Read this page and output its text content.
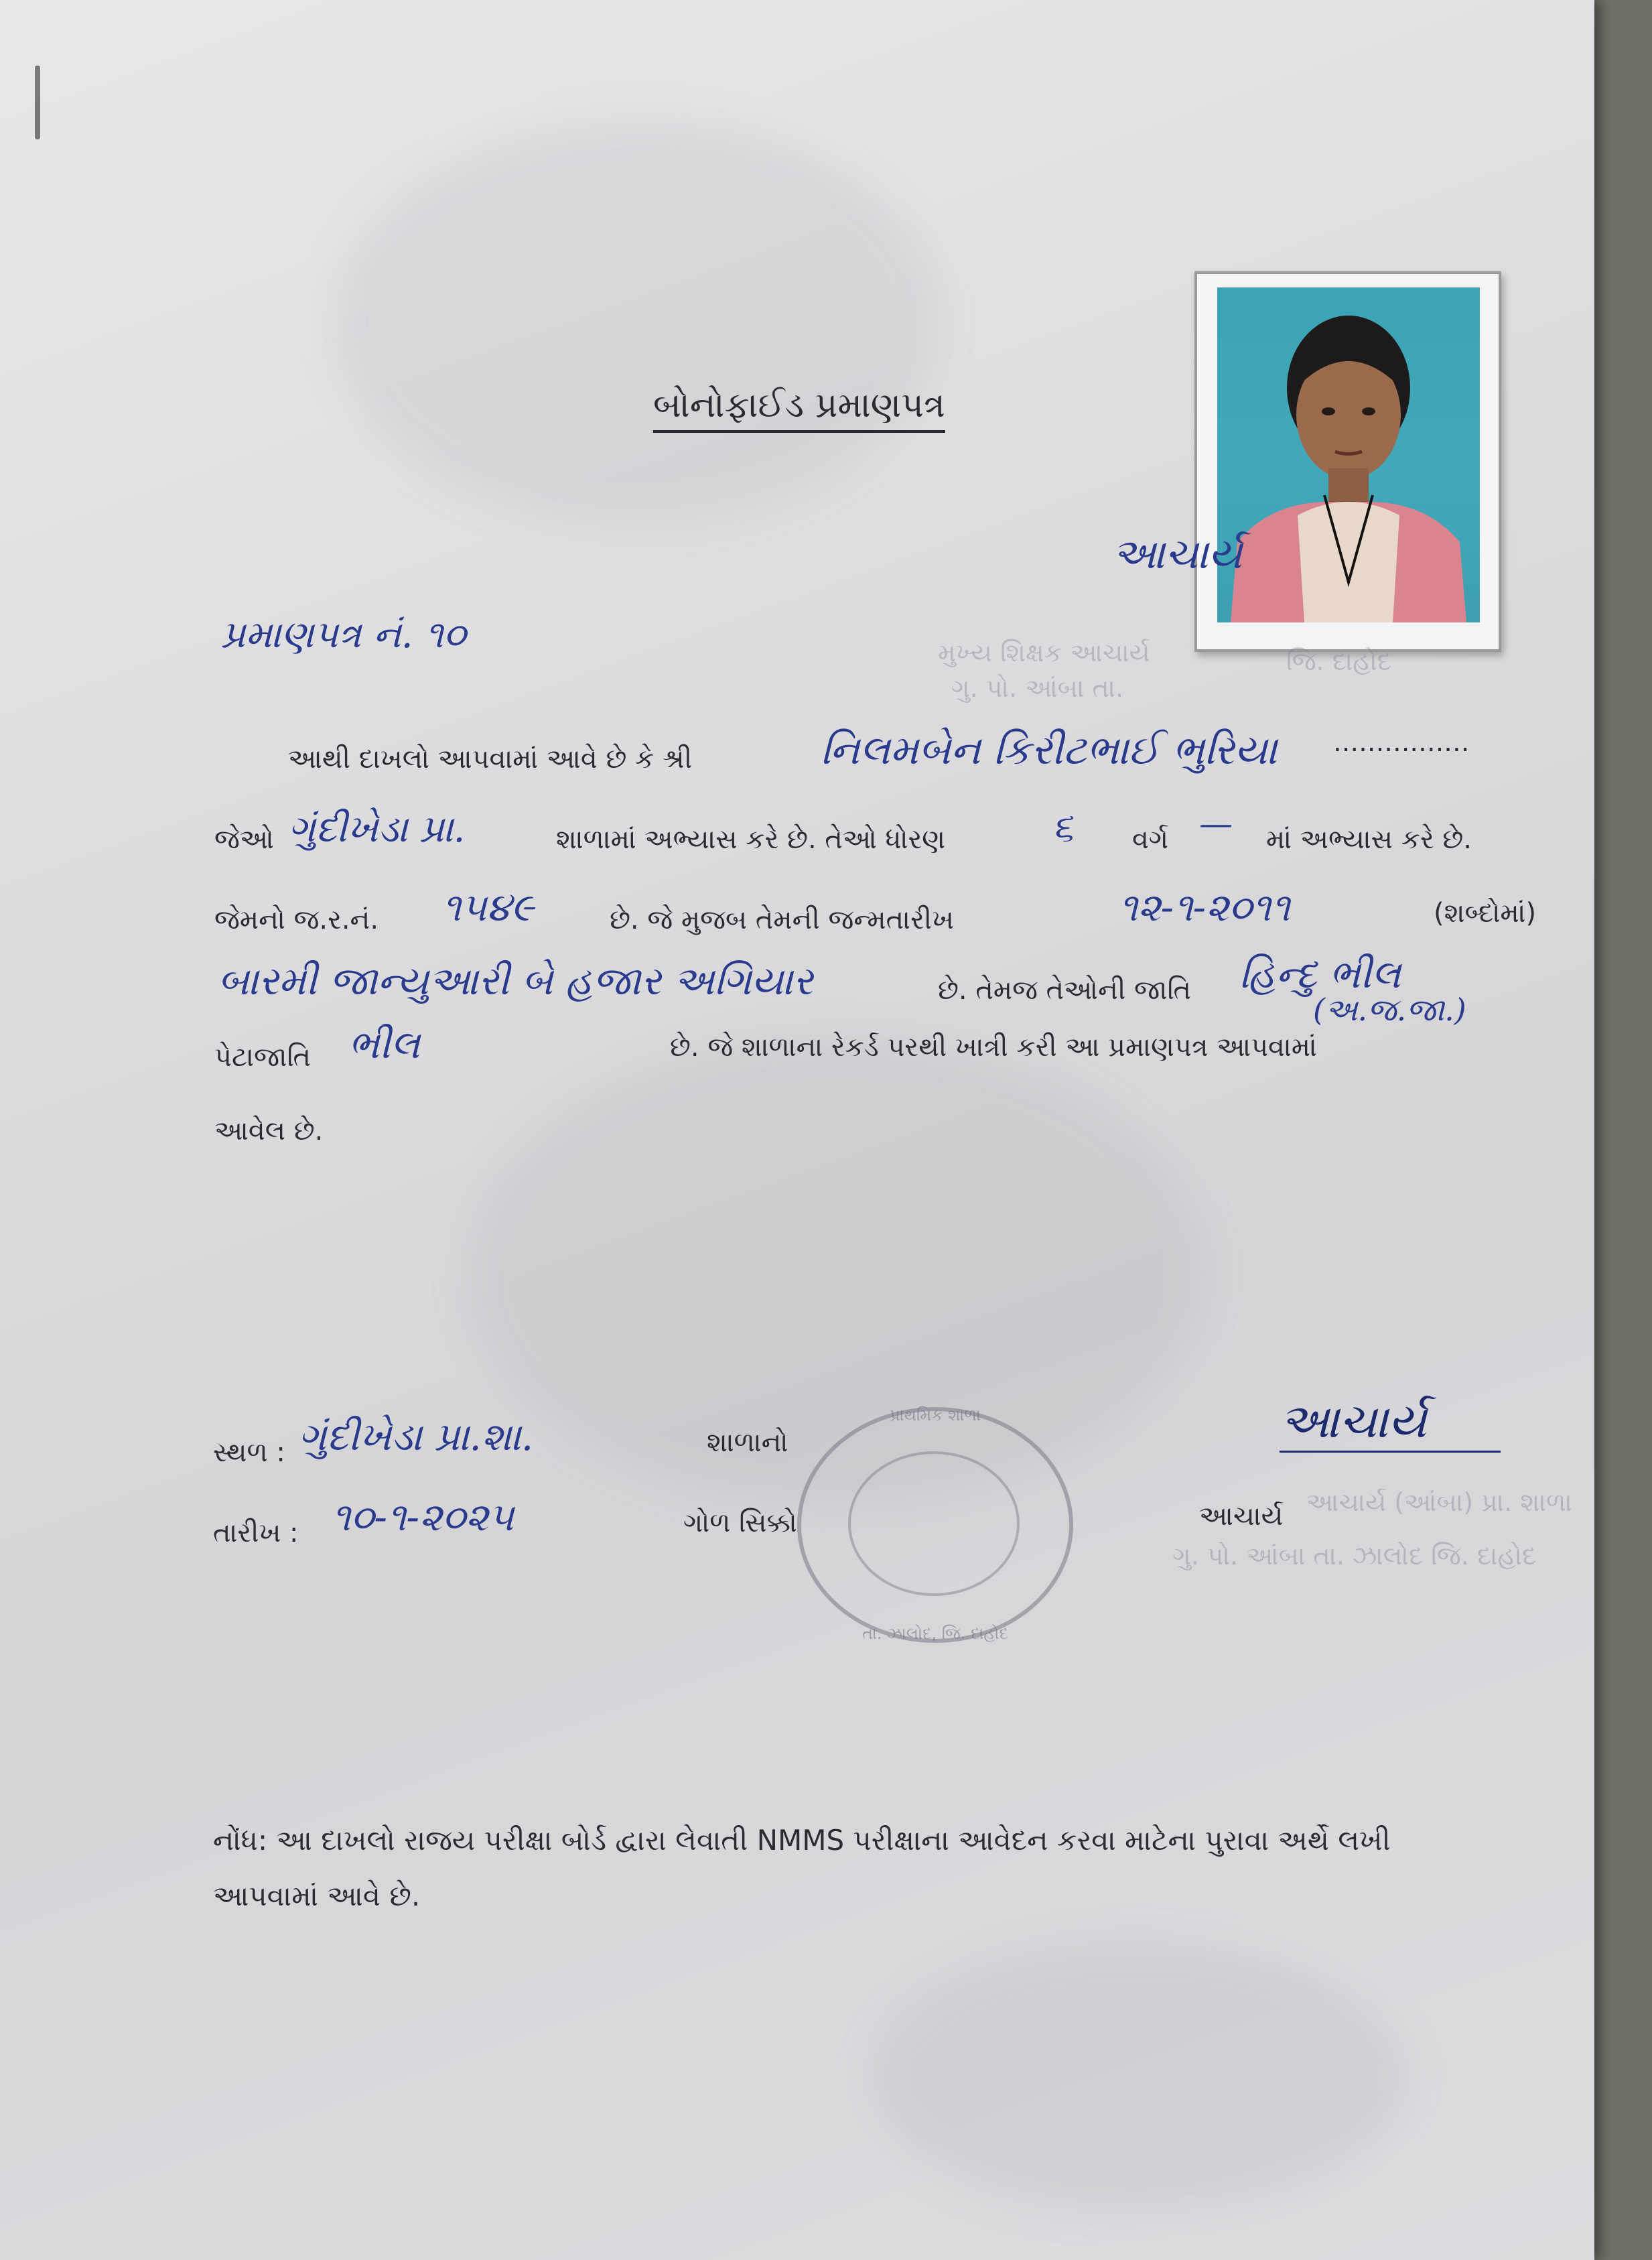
બોનોફાઈડ પ્રમાણપત્ર
આચાર્ય
મુખ્ય શિક્ષક આચાર્ય
ગુ. પો. આંબા તા.
જિ. દાહોદ
પ્રમાણપત્ર નં. ૧૦
આથી દાખલો આપવામાં આવે છે કે શ્રી	નિલમબેન કિરીટભાઈ ભુરિયા ................
જેઓ ગુંદીખેડા પ્રા.	શાળામાં અભ્યાસ કરે છે. તેઓ ધોરણ	૬ વર્ગ — માં અભ્યાસ કરે છે.
જેમનો જ.ર.નં. ૧૫૪૯	છે. જે મુજબ તેમની જન્મતારીખ	૧૨-૧-૨૦૧૧	(શબ્દોમાં)
બારમી જાન્યુઆરી બે હજાર અગિયાર	છે. તેમજ તેઓની જાતિ હિન્દુ ભીલ
(અ.જ.જા.)
પેટાજાતિ ભીલ	છે. જે શાળાના રેકર્ડ પરથી ખાત્રી કરી આ પ્રમાણપત્ર આપવામાં
આવેલ છે.
સ્થળ : ગુંદીખેડા પ્રા.શા.	શાળાનો
તારીખ : ૧૦-૧-૨૦૨૫	ગોળ સિક્કો
પ્રાથમિક શાળા
તા. ઝાલોદ, જિ. દાહોદ
આચાર્ય
આચાર્ય આચાર્ય (આંબા) પ્રા. શાળા
ગુ. પો. આંબા તા. ઝાલોદ જિ. દાહોદ
નોંધ: આ દાખલો રાજય પરીક્ષા બોર્ડ દ્વારા લેવાતી NMMS પરીક્ષાના આવેદન કરવા માટેના પુરાવા અર્થે લખી
આપવામાં આવે છે.
